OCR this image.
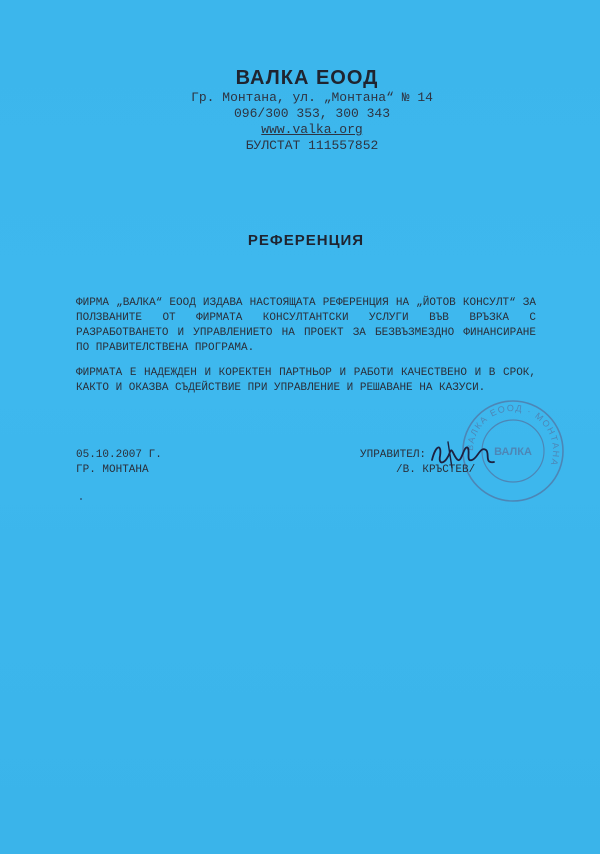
ВАЛКА ЕООД
Гр. Монтана, ул. „Монтана“ № 14
096/300 353, 300 343
www.valka.org
БУЛСТАТ 111557852
РЕФЕРЕНЦИЯ
ФИРМА „ВАЛКА“ ЕООД ИЗДАВА НАСТОЯЩАТА РЕФЕРЕНЦИЯ НА „ЙОТОВ КОНСУЛТ“ ЗА ПОЛЗВАНИТЕ ОТ ФИРМАТА КОНСУЛТАНТСКИ УСЛУГИ ВЪВ ВРЪЗКА С РАЗРАБОТВАНЕТО И УПРАВЛЕНИЕТО НА ПРОЕКТ ЗА БЕЗВЪЗМЕЗДНО ФИНАНСИРАНЕ ПО ПРАВИТЕЛСТВЕНА ПРОГРАМА.
ФИРМАТА Е НАДЕЖДЕН И КОРЕКТЕН ПАРТНЬОР И РАБОТИ КАЧЕСТВЕНО И В СРОК, КАКТО И ОКАЗВА СЪДЕЙСТВИЕ ПРИ УПРАВЛЕНИЕ И РЕШАВАНЕ НА КАЗУСИ.
05.10.2007 Г.
ГР. МОНТАНА
ВАЛКА ЕООД · МОНТАНА
ВАЛКА
УПРАВИТЕЛ:
/В. КРЪСТЕВ/
